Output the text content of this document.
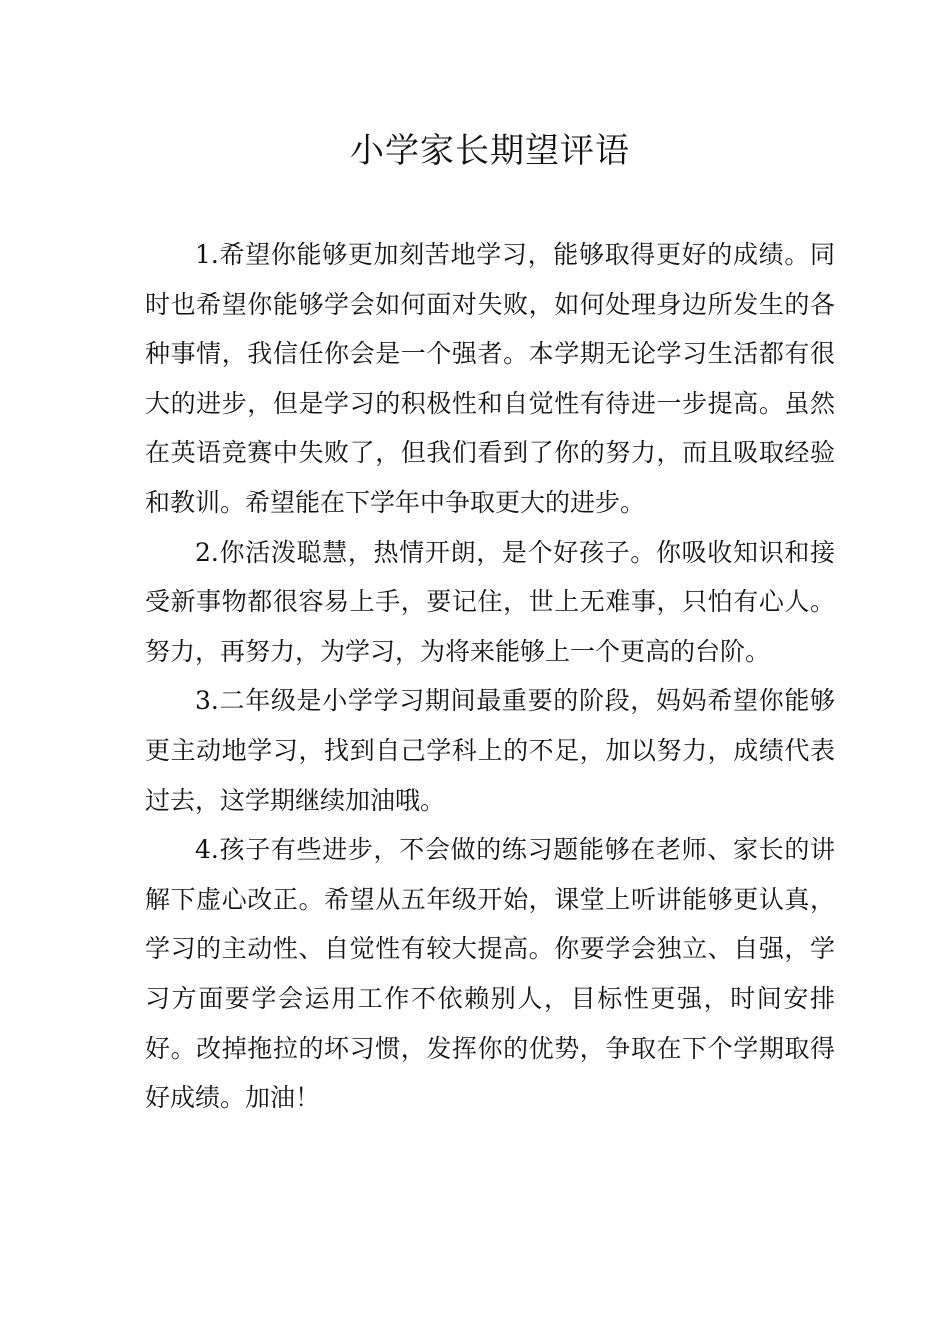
小学家长期望评语

1.希望你能够更加刻苦地学习，能够取得更好的成绩。同时也希望你能够学会如何面对失败，如何处理身边所发生的各种事情，我信任你会是一个强者。本学期无论学习生活都有很大的进步，但是学习的积极性和自觉性有待进一步提高。虽然在英语竞赛中失败了，但我们看到了你的努力，而且吸取经验和教训。希望能在下学年中争取更大的进步。

2.你活泼聪慧，热情开朗，是个好孩子。你吸收知识和接受新事物都很容易上手，要记住，世上无难事，只怕有心人。努力，再努力，为学习，为将来能够上一个更高的台阶。

3.二年级是小学学习期间最重要的阶段，妈妈希望你能够更主动地学习，找到自己学科上的不足，加以努力，成绩代表过去，这学期继续加油哦。

4.孩子有些进步，不会做的练习题能够在老师、家长的讲解下虚心改正。希望从五年级开始，课堂上听讲能够更认真，学习的主动性、自觉性有较大提高。你要学会独立、自强，学习方面要学会运用工作不依赖别人，目标性更强，时间安排好。改掉拖拉的坏习惯，发挥你的优势，争取在下个学期取得好成绩。加油！
